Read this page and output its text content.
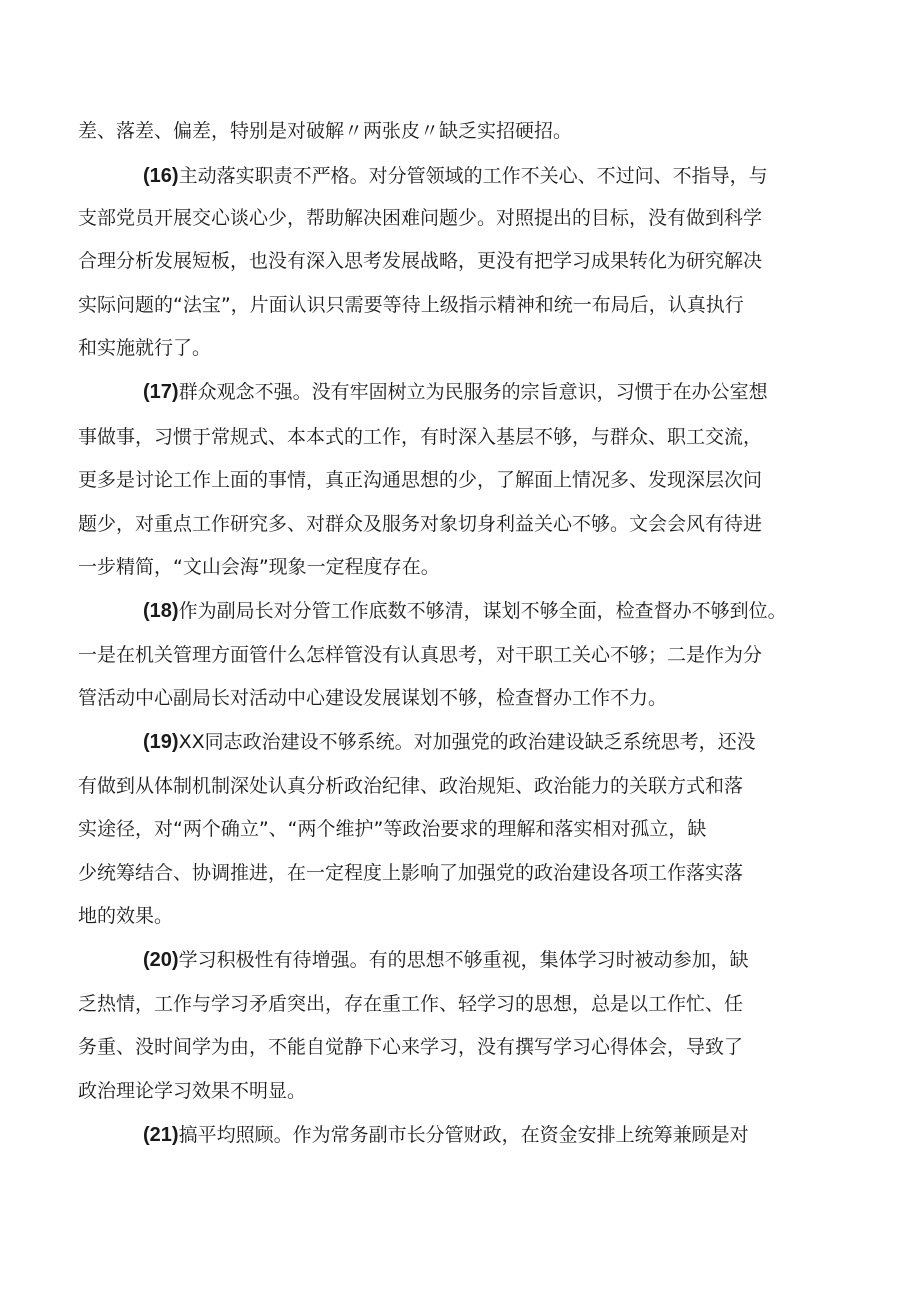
差、落差、偏差，特别是对破解〃两张皮〃缺乏实招硬招。
(16)主动落实职责不严格。对分管领域的工作不关心、不过问、不指导，与
支部党员开展交心谈心少，帮助解决困难问题少。对照提出的目标，没有做到科学
合理分析发展短板，也没有深入思考发展战略，更没有把学习成果转化为研究解决
实际问题的“法宝”，片面认识只需要等待上级指示精神和统一布局后，认真执行
和实施就行了。
(17)群众观念不强。没有牢固树立为民服务的宗旨意识，习惯于在办公室想
事做事，习惯于常规式、本本式的工作，有时深入基层不够，与群众、职工交流，
更多是讨论工作上面的事情，真正沟通思想的少，了解面上情况多、发现深层次问
题少，对重点工作研究多、对群众及服务对象切身利益关心不够。文会会风有待进
一步精简，“文山会海”现象一定程度存在。
(18)作为副局长对分管工作底数不够清，谋划不够全面，检查督办不够到位。
一是在机关管理方面管什么怎样管没有认真思考，对干职工关心不够；二是作为分
管活动中心副局长对活动中心建设发展谋划不够，检查督办工作不力。
(19)XX同志政治建设不够系统。对加强党的政治建设缺乏系统思考，还没
有做到从体制机制深处认真分析政治纪律、政治规矩、政治能力的关联方式和落
实途径，对“两个确立”、“两个维护”等政治要求的理解和落实相对孤立，缺
少统筹结合、协调推进，在一定程度上影响了加强党的政治建设各项工作落实落
地的效果。
(20)学习积极性有待增强。有的思想不够重视，集体学习时被动参加，缺
乏热情，工作与学习矛盾突出，存在重工作、轻学习的思想，总是以工作忙、任
务重、没时间学为由，不能自觉静下心来学习，没有撰写学习心得体会，导致了
政治理论学习效果不明显。
(21)搞平均照顾。作为常务副市长分管财政，在资金安排上统筹兼顾是对
